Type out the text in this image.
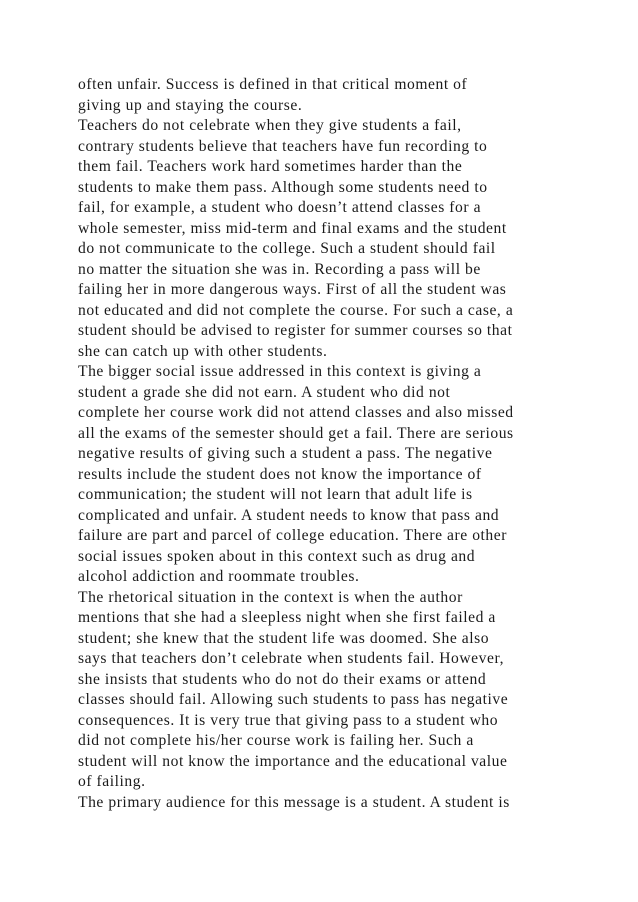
often unfair. Success is defined in that critical moment of
giving up and staying the course.
Teachers do not celebrate when they give students a fail,
contrary students believe that teachers have fun recording to
them fail. Teachers work hard sometimes harder than the
students to make them pass. Although some students need to
fail, for example, a student who doesn’t attend classes for a
whole semester, miss mid-term and final exams and the student
do not communicate to the college. Such a student should fail
no matter the situation she was in. Recording a pass will be
failing her in more dangerous ways. First of all the student was
not educated and did not complete the course. For such a case, a
student should be advised to register for summer courses so that
she can catch up with other students.
The bigger social issue addressed in this context is giving a
student a grade she did not earn. A student who did not
complete her course work did not attend classes and also missed
all the exams of the semester should get a fail. There are serious
negative results of giving such a student a pass. The negative
results include the student does not know the importance of
communication; the student will not learn that adult life is
complicated and unfair. A student needs to know that pass and
failure are part and parcel of college education. There are other
social issues spoken about in this context such as drug and
alcohol addiction and roommate troubles.
The rhetorical situation in the context is when the author
mentions that she had a sleepless night when she first failed a
student; she knew that the student life was doomed. She also
says that teachers don’t celebrate when students fail. However,
she insists that students who do not do their exams or attend
classes should fail. Allowing such students to pass has negative
consequences. It is very true that giving pass to a student who
did not complete his/her course work is failing her. Such a
student will not know the importance and the educational value
of failing.
The primary audience for this message is a student. A student is
